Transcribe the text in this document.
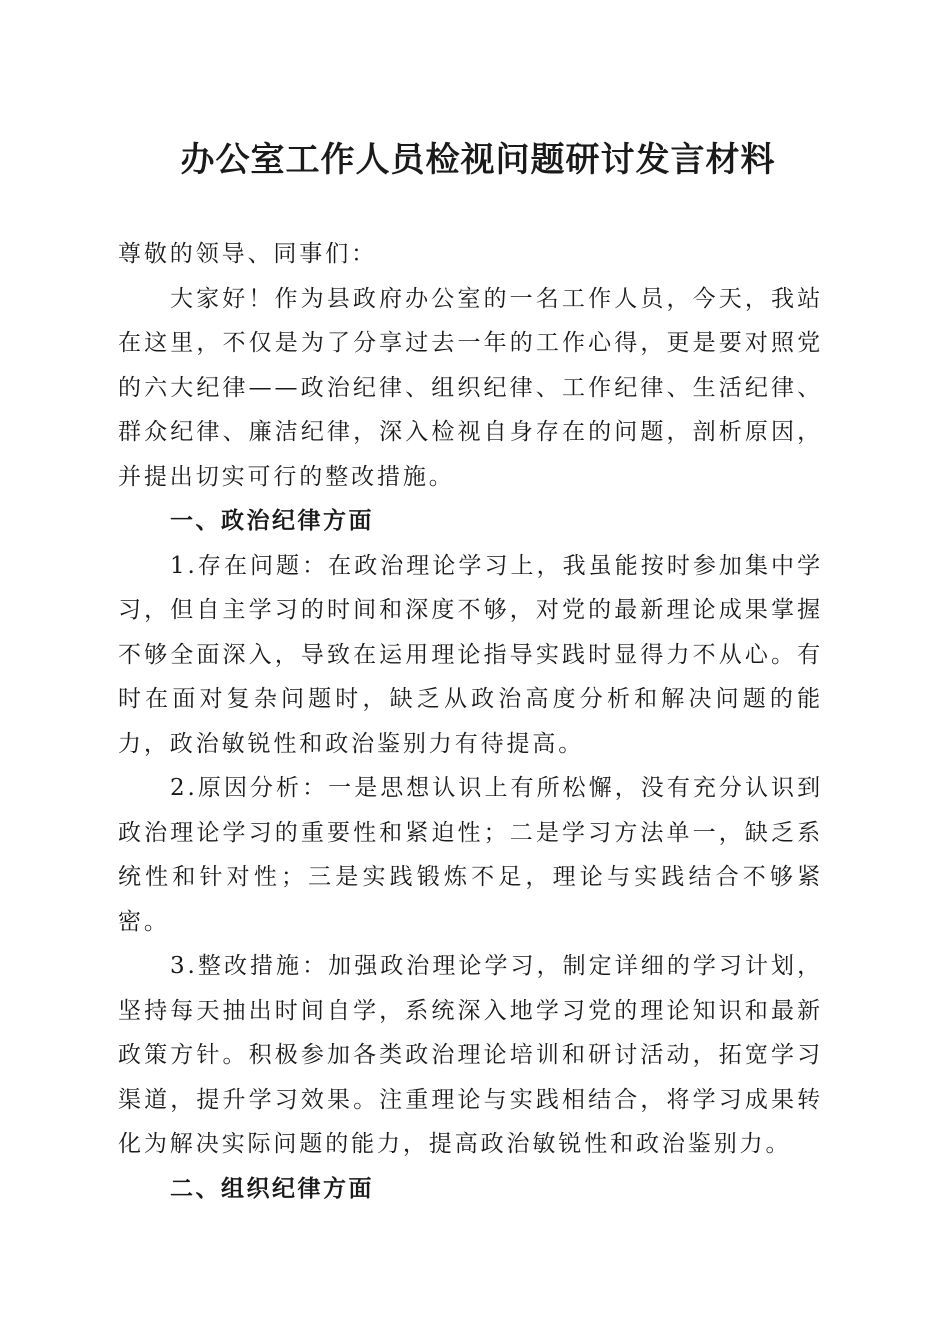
办公室工作人员检视问题研讨发言材料

尊敬的领导、同事们：

大家好！作为县政府办公室的一名工作人员，今天，我站在这里，不仅是为了分享过去一年的工作心得，更是要对照党的六大纪律——政治纪律、组织纪律、工作纪律、生活纪律、群众纪律、廉洁纪律，深入检视自身存在的问题，剖析原因，并提出切实可行的整改措施。

一、政治纪律方面

1.存在问题：在政治理论学习上，我虽能按时参加集中学习，但自主学习的时间和深度不够，对党的最新理论成果掌握不够全面深入，导致在运用理论指导实践时显得力不从心。有时在面对复杂问题时，缺乏从政治高度分析和解决问题的能力，政治敏锐性和政治鉴别力有待提高。

2.原因分析：一是思想认识上有所松懈，没有充分认识到政治理论学习的重要性和紧迫性；二是学习方法单一，缺乏系统性和针对性；三是实践锻炼不足，理论与实践结合不够紧密。

3.整改措施：加强政治理论学习，制定详细的学习计划，坚持每天抽出时间自学，系统深入地学习党的理论知识和最新政策方针。积极参加各类政治理论培训和研讨活动，拓宽学习渠道，提升学习效果。注重理论与实践相结合，将学习成果转化为解决实际问题的能力，提高政治敏锐性和政治鉴别力。

二、组织纪律方面
